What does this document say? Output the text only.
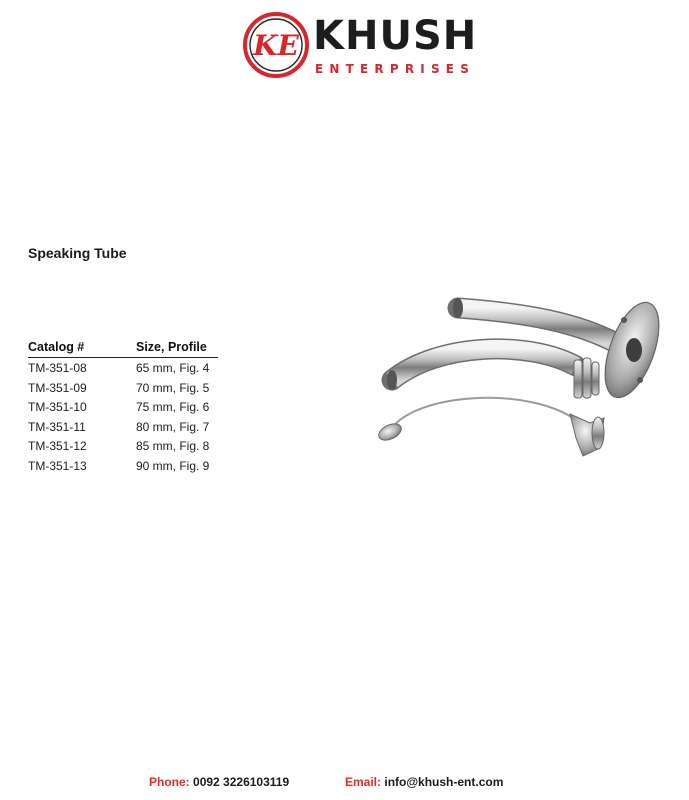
KE KHUSH
ENTERPRISES
Speaking Tube
Catalog #	Size, Profile
TM-351-08	65 mm, Fig. 4
TM-351-09	70 mm, Fig. 5
TM-351-10	75 mm, Fig. 6
TM-351-11	80 mm, Fig. 7
TM-351-12	85 mm, Fig. 8
TM-351-13	90 mm, Fig. 9
Phone: 0092 3226103119	Email: info@khush-ent.com
